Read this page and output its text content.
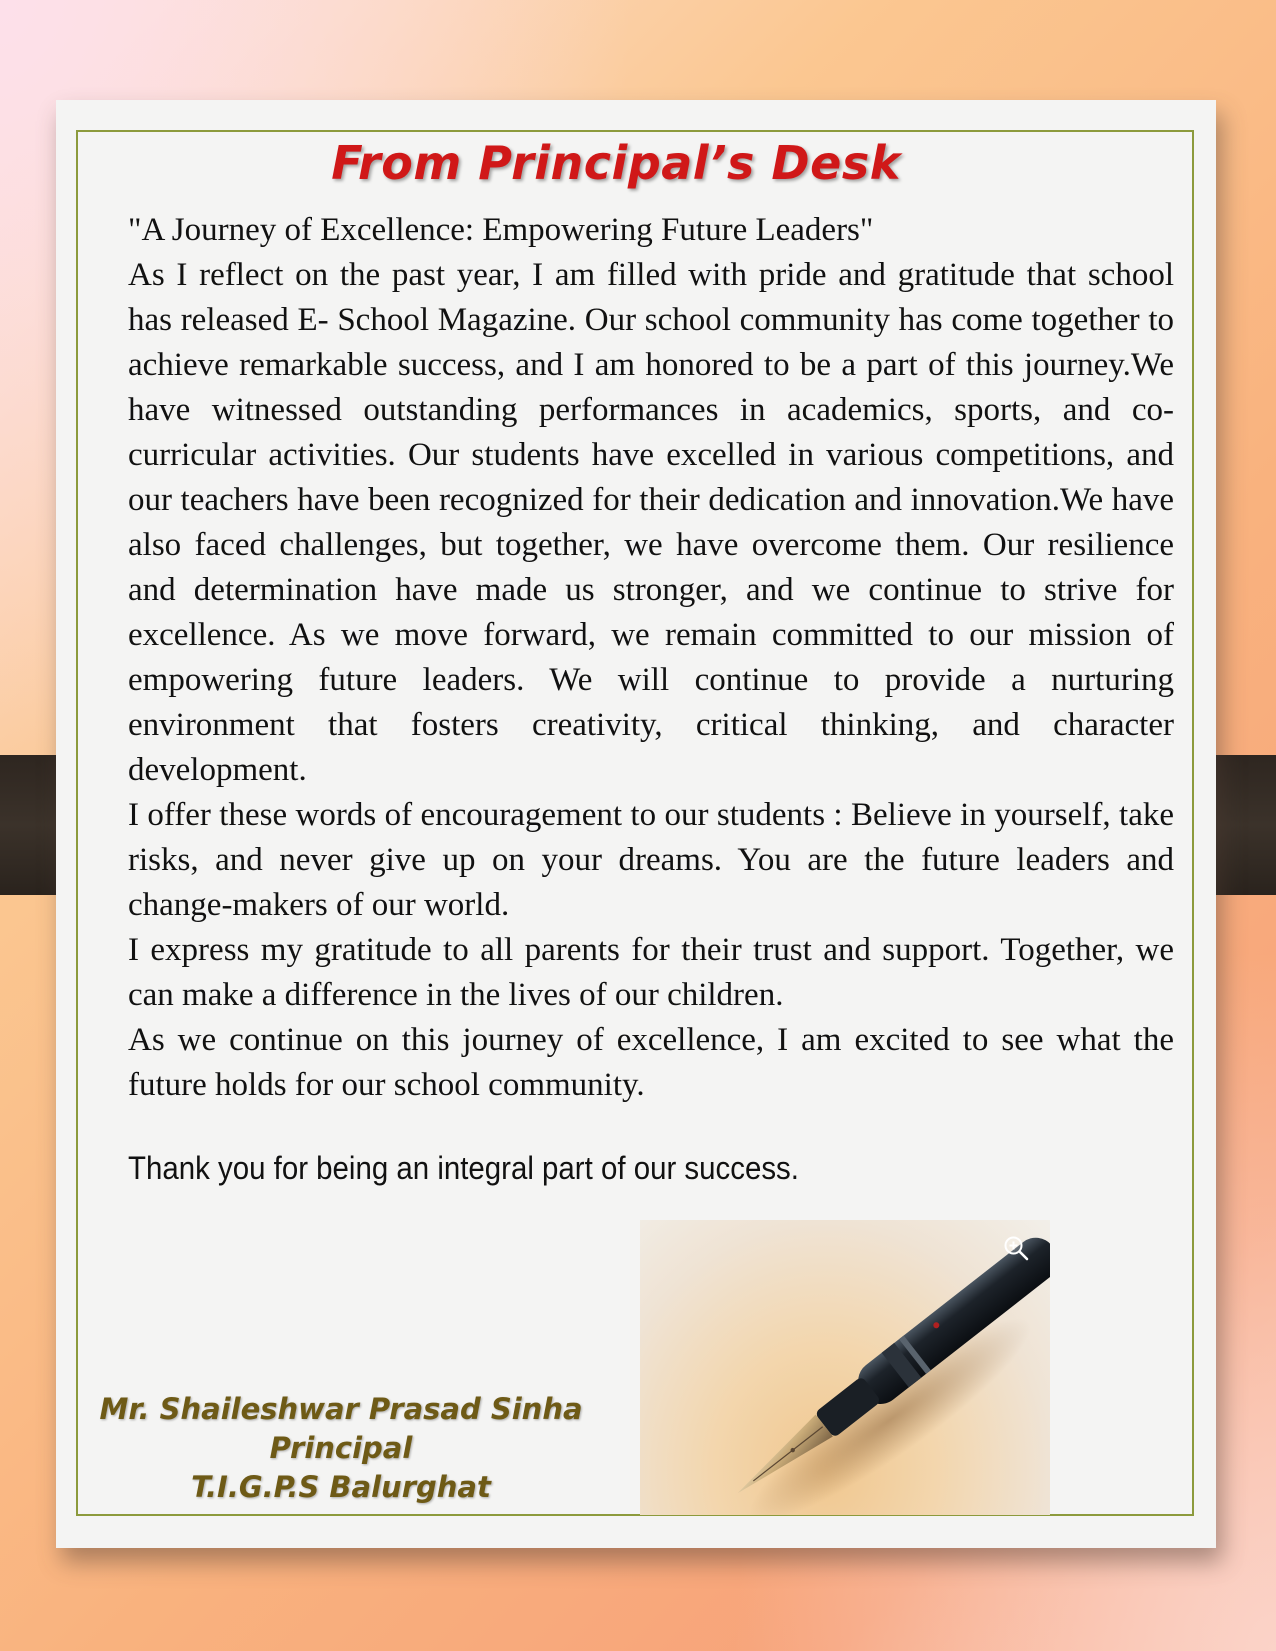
From Principal’s Desk

"A Journey of Excellence: Empowering Future Leaders"

As I reflect on the past year, I am filled with pride and gratitude that school has released E- School Magazine. Our school community has come together to achieve remarkable success, and I am honored to be a part of this journey.We have witnessed outstanding performances in academics, sports, and co-curricular activities. Our students have excelled in various competitions, and our teachers have been recognized for their dedication and innovation.We have also faced challenges, but together, we have overcome them. Our resilience and determination have made us stronger, and we continue to strive for excellence. As we move forward, we remain committed to our mission of empowering future leaders. We will continue to provide a nurturing environment that fosters creativity, critical thinking, and character development.

I offer these words of encouragement to our students : Believe in yourself, take risks, and never give up on your dreams. You are the future leaders and change-makers of our world.

I express my gratitude to all parents for their trust and support. Together, we can make a difference in the lives of our children.

As we continue on this journey of excellence, I am excited to see what the future holds for our school community.

Thank you for being an integral part of our success.
Mr. Shaileshwar Prasad Sinha
Principal
T.I.G.P.S Balurghat
